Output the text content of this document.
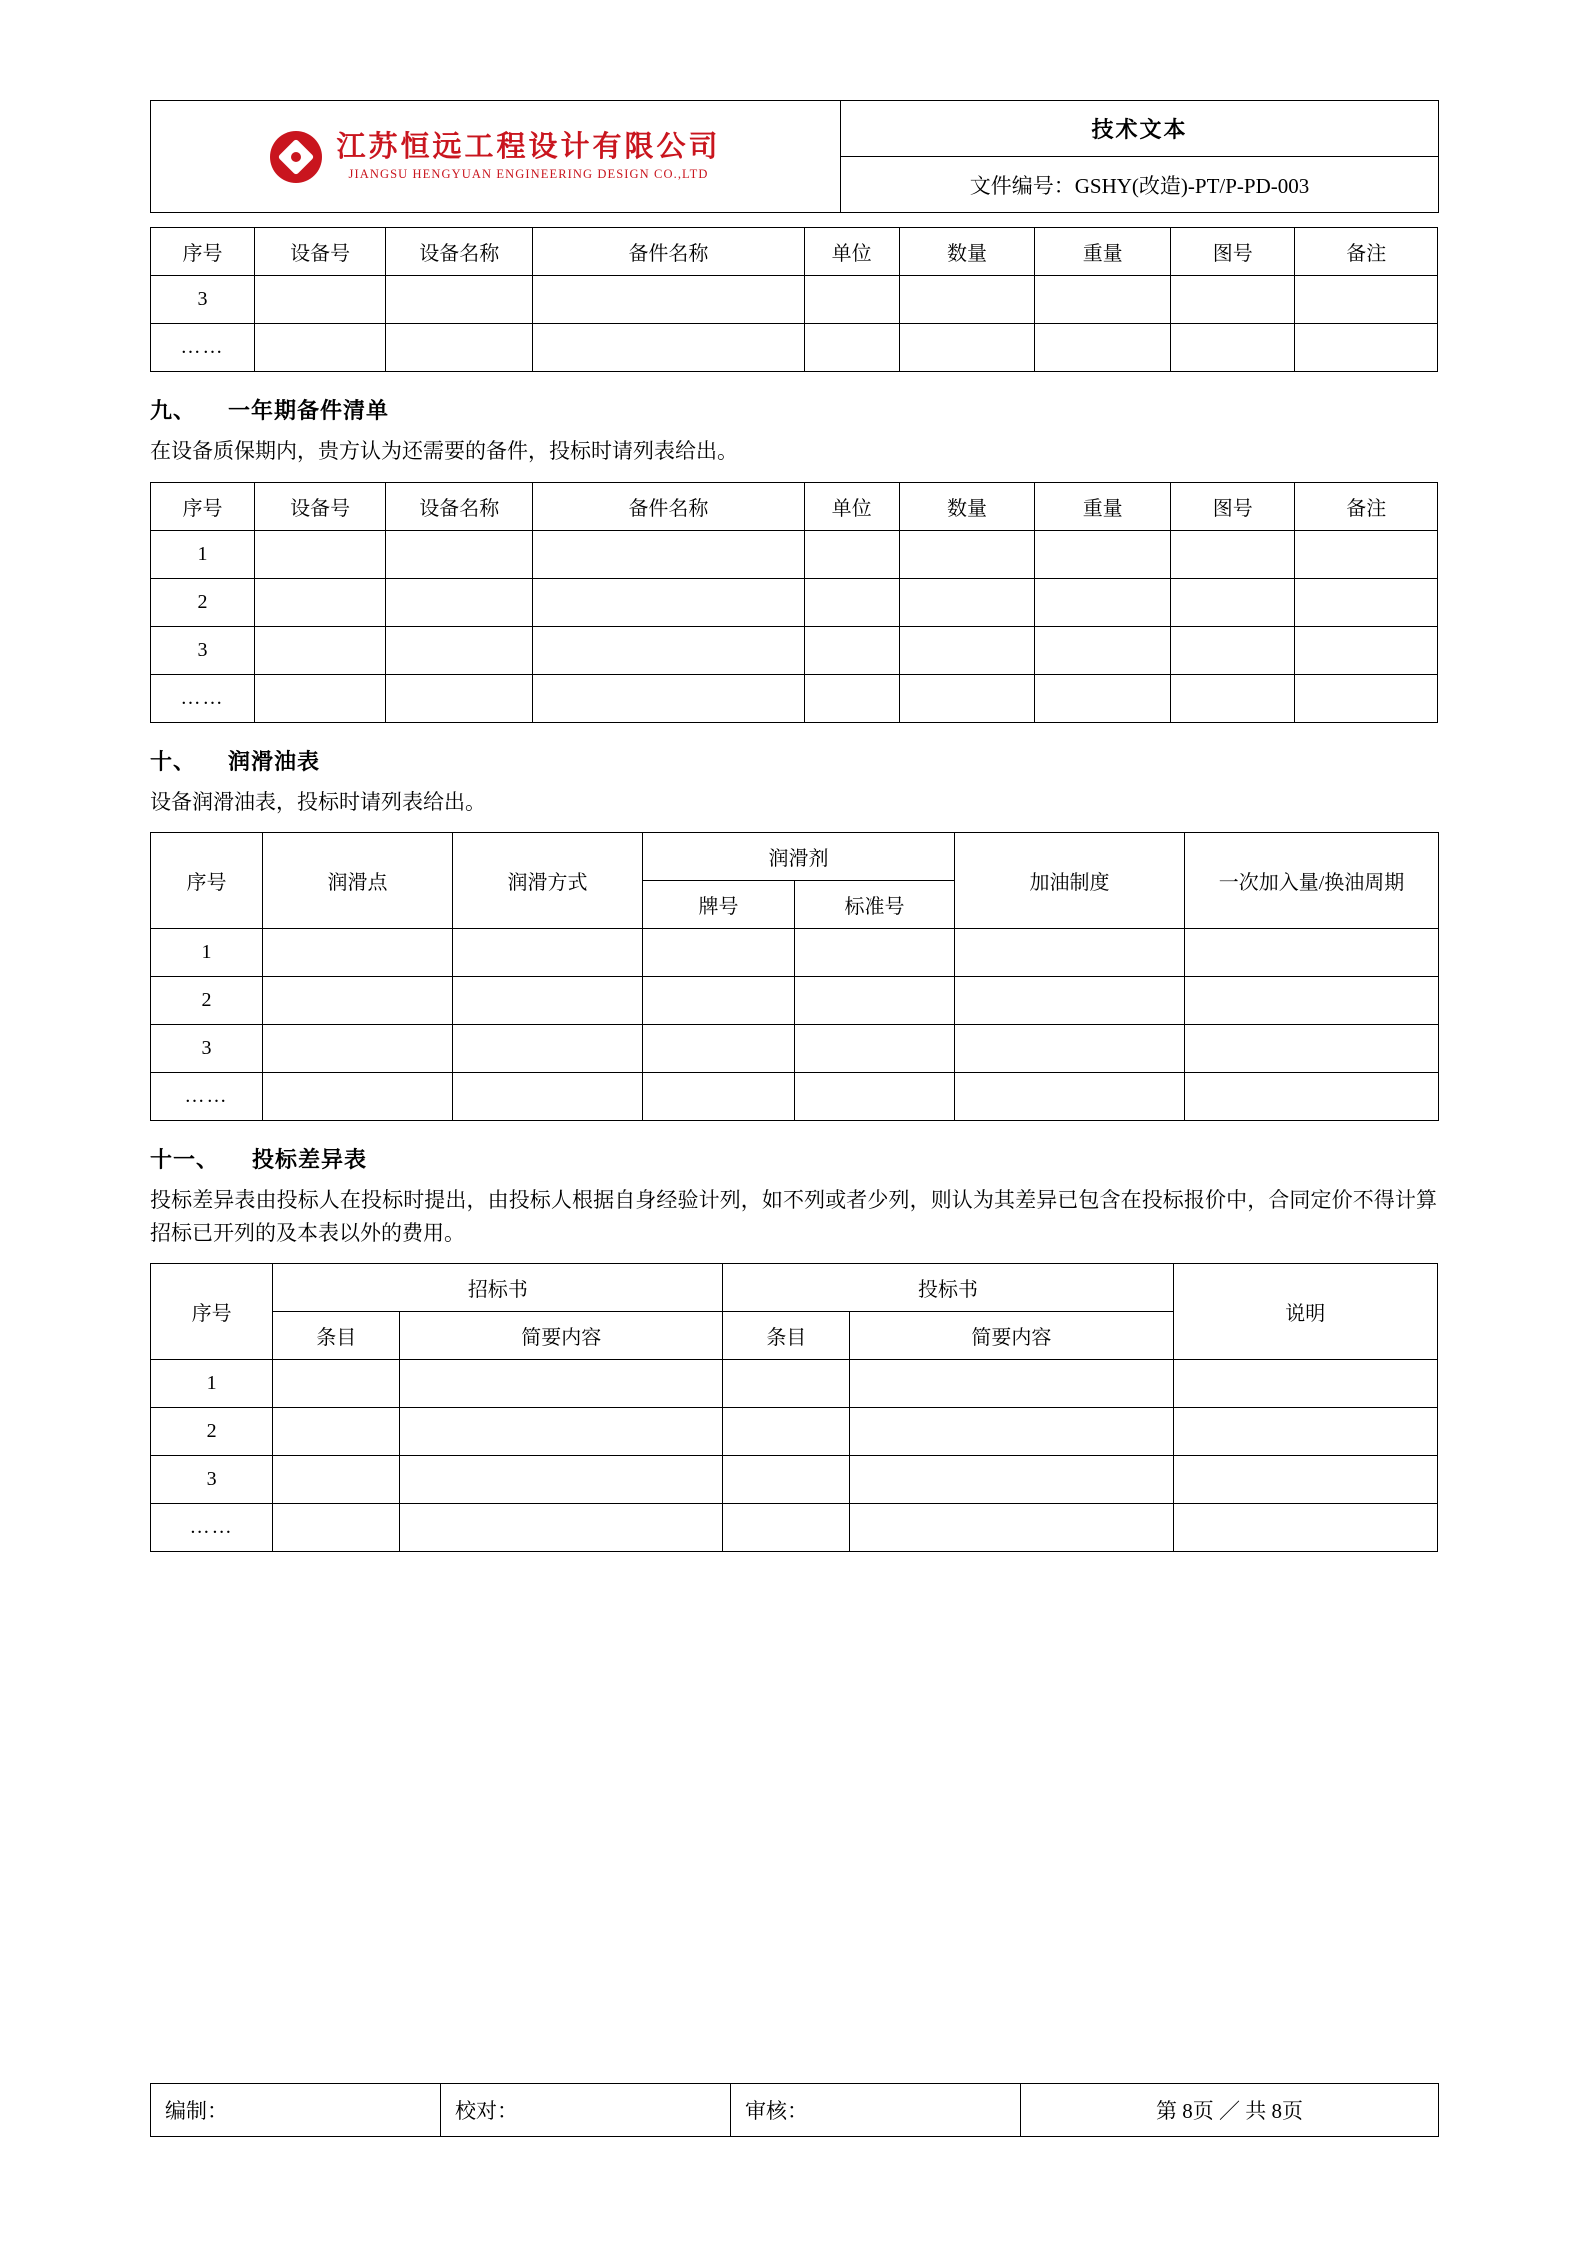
江苏恒远工程设计有限公司
JIANGSU HENGYUAN ENGINEERING DESIGN CO.,LTD
	技术文本
文件编号：GSHY(改造)-PT/P-PD-003
序号	设备号	设备名称	备件名称	单位	数量	重量	图号	备注
3								
……								
九、 一年期备件清单

在设备质保期内，贵方认为还需要的备件，投标时请列表给出。

序号	设备号	设备名称	备件名称	单位	数量	重量	图号	备注
1								
2								
3								
……								
十、 润滑油表

设备润滑油表，投标时请列表给出。

序号	润滑点	润滑方式	润滑剂		加油制度	一次加入量/换油周期
			牌号	标准号		
1						
2						
3						
……						
十一、 投标差异表

投标差异表由投标人在投标时提出，由投标人根据自身经验计列，如不列或者少列，则认为其差异已包含在投标报价中，合同定价不得计算招标已开列的及本表以外的费用。

序号	招标书		投标书		说明
	条目	简要内容	条目	简要内容	
1					
2					
3					
……					
编制：	校对：	审核：	第 8页 ／ 共 8页
